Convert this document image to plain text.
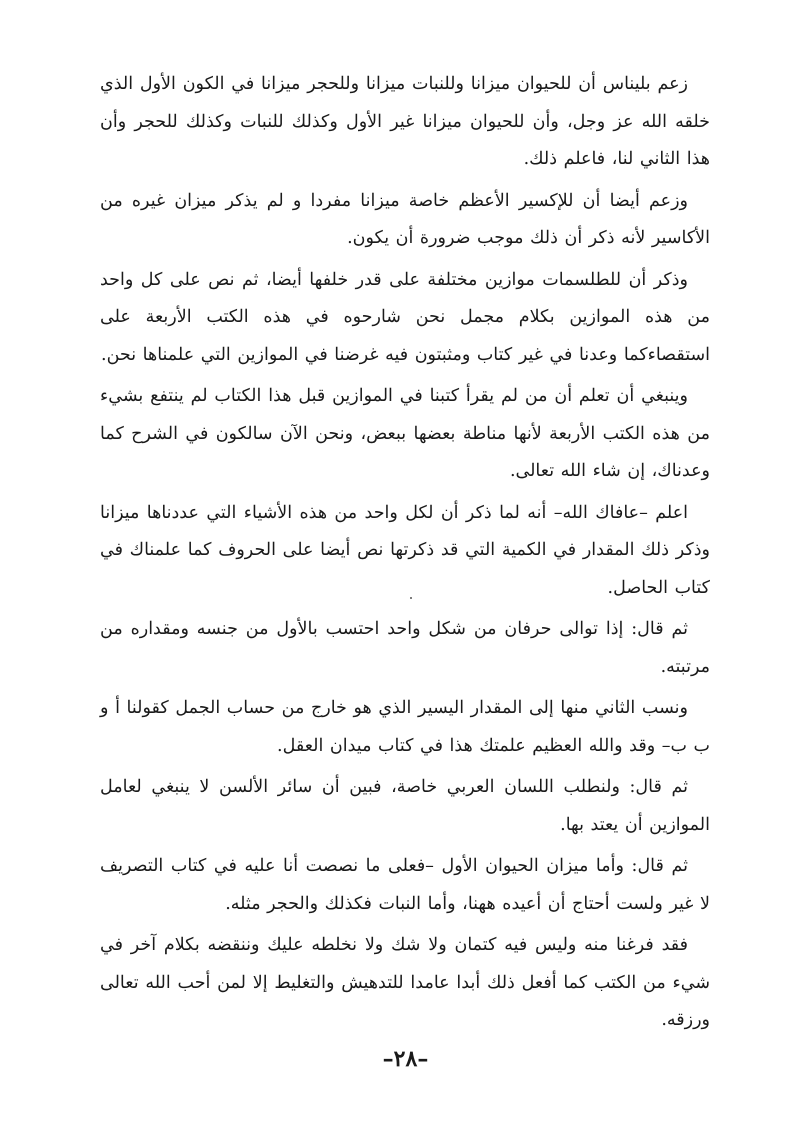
زعم بليناس أن للحيوان ميزانا وللنبات ميزانا وللحجر ميزانا في الكون الأول الذي خلقه الله عز وجل، وأن للحيوان ميزانا غير الأول وكذلك للنبات وكذلك للحجر وأن هذا الثاني لنا، فاعلم ذلك.

وزعم أيضا أن للإكسير الأعظم خاصة ميزانا مفردا و لم يذكر ميزان غيره من الأكاسير لأنه ذكر أن ذلك موجب ضرورة أن يكون.

وذكر أن للطلسمات موازين مختلفة على قدر خلفها أيضا، ثم نص على كل واحد من هذه الموازين بكلام مجمل نحن شارحوه في هذه الكتب الأربعة على استقصاءكما وعدنا في غير كتاب ومثبتون فيه غرضنا في الموازين التي علمناها نحن.

وينبغي أن تعلم أن من لم يقرأ كتبنا في الموازين قبل هذا الكتاب لم ينتفع بشيء من هذه الكتب الأربعة لأنها مناطة بعضها ببعض، ونحن الآن سالكون في الشرح كما وعدناك، إن شاء الله تعالى.

اعلم –عافاك الله– أنه لما ذكر أن لكل واحد من هذه الأشياء التي عددناها ميزانا وذكر ذلك المقدار في الكمية التي قد ذكرتها نص أيضا على الحروف كما علمناك في كتاب الحاصل.

ثم قال: إذا توالى حرفان من شكل واحد احتسب بالأول من جنسه ومقداره من مرتبته.

ونسب الثاني منها إلى المقدار اليسير الذي هو خارج من حساب الجمل كقولنا أ و ب ب– وقد والله العظيم علمتك هذا في كتاب ميدان العقل.

ثم قال: ولنطلب اللسان العربي خاصة، فبين أن سائر الألسن لا ينبغي لعامل الموازين أن يعتد بها.

ثم قال: وأما ميزان الحيوان الأول –فعلى ما نصصت أنا عليه في كتاب التصريف لا غير ولست أحتاج أن أعيده ههنا، وأما النبات فكذلك والحجر مثله.

فقد فرغنا منه وليس فيه كتمان ولا شك ولا نخلطه عليك وننقضه بكلام آخر في شيء من الكتب كما أفعل ذلك أبدا عامدا للتدهيش والتغليط إلا لمن أحب الله تعالى ورزقه.

–٢٨–
